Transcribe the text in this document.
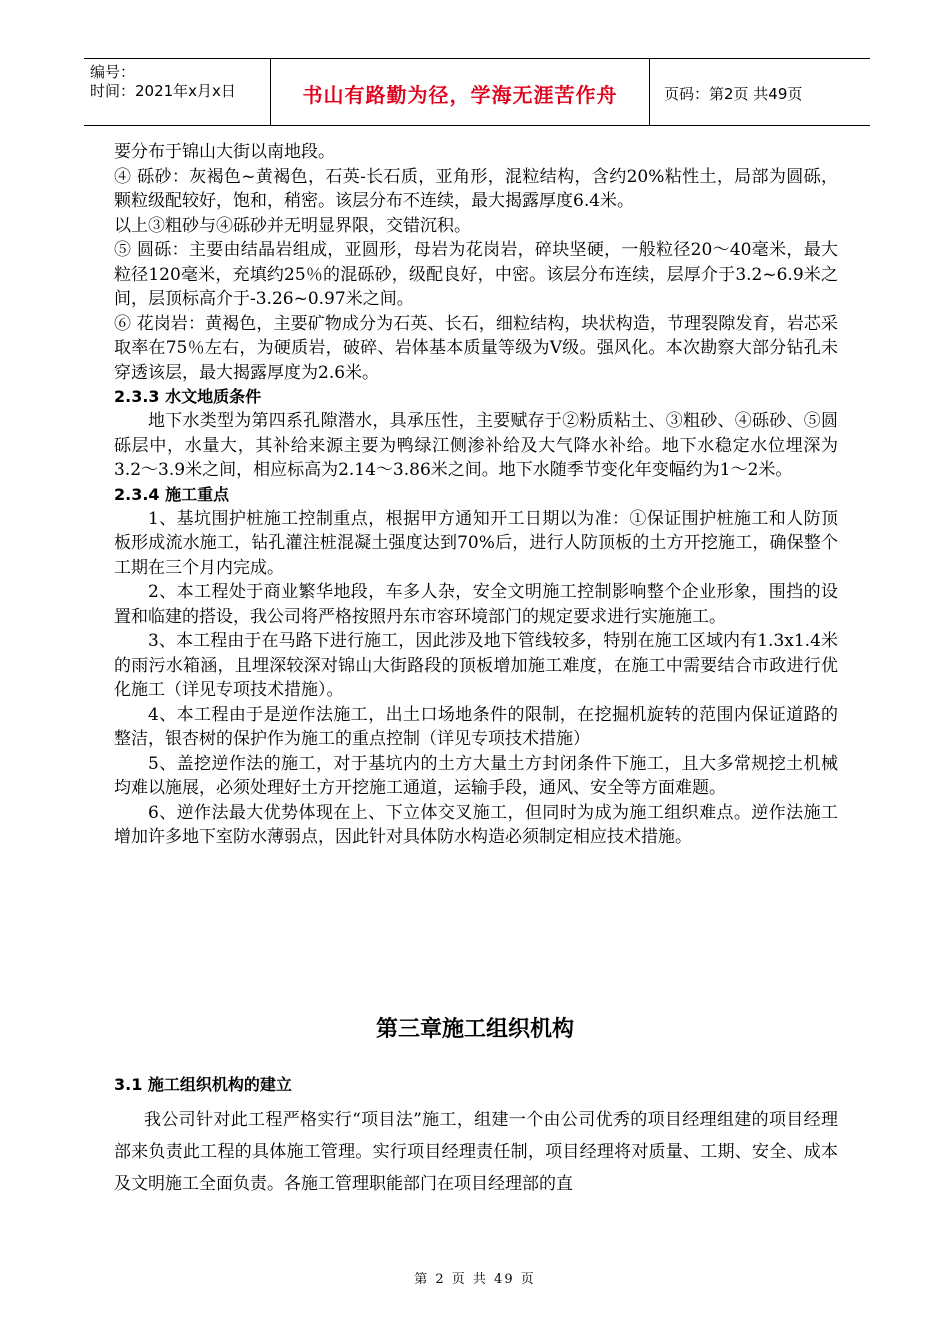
编号：
时间：2021年x月x日	书山有路勤为径，学海无涯苦作舟	页码：第2页 共49页

要分布于锦山大街以南地段。

④ 砾砂：灰褐色~黄褐色，石英-长石质，亚角形，混粒结构，含约20%粘性土，局部为圆砾，颗粒级配较好，饱和，稍密。该层分布不连续，最大揭露厚度6.4米。

以上③粗砂与④砾砂并无明显界限，交错沉积。

⑤ 圆砾：主要由结晶岩组成，亚圆形，母岩为花岗岩，碎块坚硬，一般粒径20～40毫米，最大粒径120毫米，充填约25％的混砾砂，级配良好，中密。该层分布连续，层厚介于3.2~6.9米之间，层顶标高介于-3.26~0.97米之间。

⑥ 花岗岩：黄褐色，主要矿物成分为石英、长石，细粒结构，块状构造，节理裂隙发育，岩芯采取率在75％左右，为硬质岩，破碎、岩体基本质量等级为Ⅴ级。强风化。本次勘察大部分钻孔未穿透该层，最大揭露厚度为2.6米。

2.3.3 水文地质条件

地下水类型为第四系孔隙潜水，具承压性，主要赋存于②粉质粘土、③粗砂、④砾砂、⑤圆砾层中，水量大，其补给来源主要为鸭绿江侧渗补给及大气降水补给。地下水稳定水位埋深为3.2～3.9米之间，相应标高为2.14～3.86米之间。地下水随季节变化年变幅约为1～2米。

2.3.4 施工重点

1、基坑围护桩施工控制重点，根据甲方通知开工日期以为准：①保证围护桩施工和人防顶板形成流水施工，钻孔灌注桩混凝土强度达到70%后，进行人防顶板的土方开挖施工，确保整个工期在三个月内完成。

2、本工程处于商业繁华地段，车多人杂，安全文明施工控制影响整个企业形象，围挡的设置和临建的搭设，我公司将严格按照丹东市容环境部门的规定要求进行实施施工。

3、本工程由于在马路下进行施工，因此涉及地下管线较多，特别在施工区域内有1.3x1.4米的雨污水箱涵，且埋深较深对锦山大街路段的顶板增加施工难度，在施工中需要结合市政进行优化施工（详见专项技术措施）。

4、本工程由于是逆作法施工，出土口场地条件的限制，在挖掘机旋转的范围内保证道路的整洁，银杏树的保护作为施工的重点控制（详见专项技术措施）

5、盖挖逆作法的施工，对于基坑内的土方大量土方封闭条件下施工，且大多常规挖土机械均难以施展，必须处理好土方开挖施工通道，运输手段，通风、安全等方面难题。

6、逆作法最大优势体现在上、下立体交叉施工，但同时为成为施工组织难点。逆作法施工增加许多地下室防水薄弱点，因此针对具体防水构造必须制定相应技术措施。

第三章施工组织机构
3.1 施工组织机构的建立

我公司针对此工程严格实行“项目法”施工，组建一个由公司优秀的项目经理组建的项目经理部来负责此工程的具体施工管理。实行项目经理责任制，项目经理将对质量、工期、安全、成本及文明施工全面负责。各施工管理职能部门在项目经理部的直

第 2 页 共 49 页
